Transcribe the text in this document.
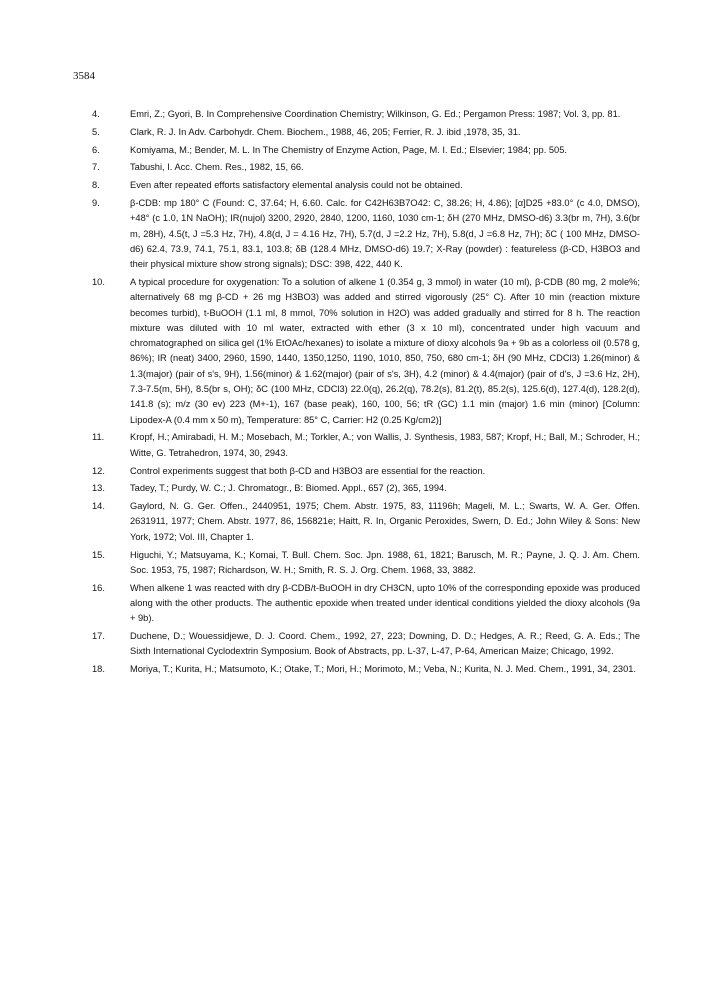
3584
4.	Emri, Z.; Gyori, B. In Comprehensive Coordination Chemistry; Wilkinson, G. Ed.; Pergamon Press: 1987; Vol. 3, pp. 81.
5.	Clark, R. J. In Adv. Carbohydr. Chem. Biochem., 1988, 46, 205; Ferrier, R. J. ibid ,1978, 35, 31.
6.	Komiyama, M.; Bender, M. L. In The Chemistry of Enzyme Action, Page, M. I. Ed.; Elsevier; 1984; pp. 505.
7.	Tabushi, I. Acc. Chem. Res., 1982, 15, 66.
8.	Even after repeated efforts satisfactory elemental analysis could not be obtained.
9.	β-CDB: mp 180° C (Found: C, 37.64; H, 6.60. Calc. for C42H63B7O42: C, 38.26; H, 4.86); [α]D25 +83.0° (c 4.0, DMSO), +48° (c 1.0, 1N NaOH); IR(nujol) 3200, 2920, 2840, 1200, 1160, 1030 cm-1; δH (270 MHz, DMSO-d6) 3.3(br m, 7H), 3.6(br m, 28H), 4.5(t, J =5.3 Hz, 7H), 4.8(d, J = 4.16 Hz, 7H), 5.7(d, J =2.2 Hz, 7H), 5.8(d, J =6.8 Hz, 7H); δC ( 100 MHz, DMSO-d6) 62.4, 73.9, 74.1, 75.1, 83.1, 103.8; δB (128.4 MHz, DMSO-d6) 19.7; X-Ray (powder) : featureless (β-CD, H3BO3 and their physical mixture show strong signals); DSC: 398, 422, 440 K.
10.	A typical procedure for oxygenation: To a solution of alkene 1 (0.354 g, 3 mmol) in water (10 ml), β-CDB (80 mg, 2 mole%; alternatively 68 mg β-CD + 26 mg H3BO3) was added and stirred vigorously (25° C). After 10 min (reaction mixture becomes turbid), t-BuOOH (1.1 ml, 8 mmol, 70% solution in H2O) was added gradually and stirred for 8 h. The reaction mixture was diluted with 10 ml water, extracted with ether (3 x 10 ml), concentrated under high vacuum and chromatographed on silica gel (1% EtOAc/hexanes) to isolate a mixture of dioxy alcohols 9a + 9b as a colorless oil (0.578 g, 86%); IR (neat) 3400, 2960, 1590, 1440, 1350,1250, 1190, 1010, 850, 750, 680 cm-1; δH (90 MHz, CDCl3) 1.26(minor) & 1.3(major) (pair of s's, 9H), 1.56(minor) & 1.62(major) (pair of s's, 3H), 4.2 (minor) & 4.4(major) (pair of d's, J =3.6 Hz, 2H), 7.3-7.5(m, 5H), 8.5(br s, OH); δC (100 MHz, CDCl3) 22.0(q), 26.2(q), 78.2(s), 81.2(t), 85.2(s), 125.6(d), 127.4(d), 128.2(d), 141.8 (s); m/z (30 ev) 223 (M+-1), 167 (base peak), 160, 100, 56; tR (GC) 1.1 min (major) 1.6 min (minor) [Column: Lipodex-A (0.4 mm x 50 m), Temperature: 85° C, Carrier: H2 (0.25 Kg/cm2)]
11.	Kropf, H.; Amirabadi, H. M.; Mosebach, M.; Torkler, A.; von Wallis, J. Synthesis, 1983, 587; Kropf, H.; Ball, M.; Schroder, H.; Witte, G. Tetrahedron, 1974, 30, 2943.
12.	Control experiments suggest that both β-CD and H3BO3 are essential for the reaction.
13.	Tadey, T.; Purdy, W. C.; J. Chromatogr., B: Biomed. Appl., 657 (2), 365, 1994.
14.	Gaylord, N. G. Ger. Offen., 2440951, 1975; Chem. Abstr. 1975, 83, 11196h; Mageli, M. L.; Swarts, W. A. Ger. Offen. 2631911, 1977; Chem. Abstr. 1977, 86, 156821e; Haitt, R. In, Organic Peroxides, Swern, D. Ed.; John Wiley & Sons: New York, 1972; Vol. III, Chapter 1.
15.	Higuchi, Y.; Matsuyama, K.; Komai, T. Bull. Chem. Soc. Jpn. 1988, 61, 1821; Barusch, M. R.; Payne, J. Q. J. Am. Chem. Soc. 1953, 75, 1987; Richardson, W. H.; Smith, R. S. J. Org. Chem. 1968, 33, 3882.
16.	When alkene 1 was reacted with dry β-CDB/t-BuOOH in dry CH3CN, upto 10% of the corresponding epoxide was produced along with the other products. The authentic epoxide when treated under identical conditions yielded the dioxy alcohols (9a + 9b).
17.	Duchene, D.; Wouessidjewe, D. J. Coord. Chem., 1992, 27, 223; Downing, D. D.; Hedges, A. R.; Reed, G. A. Eds.; The Sixth International Cyclodextrin Symposium. Book of Abstracts, pp. L-37, L-47, P-64, American Maize; Chicago, 1992.
18.	Moriya, T.; Kurita, H.; Matsumoto, K.; Otake, T.; Mori, H.; Morimoto, M.; Veba, N.; Kurita, N. J. Med. Chem., 1991, 34, 2301.
